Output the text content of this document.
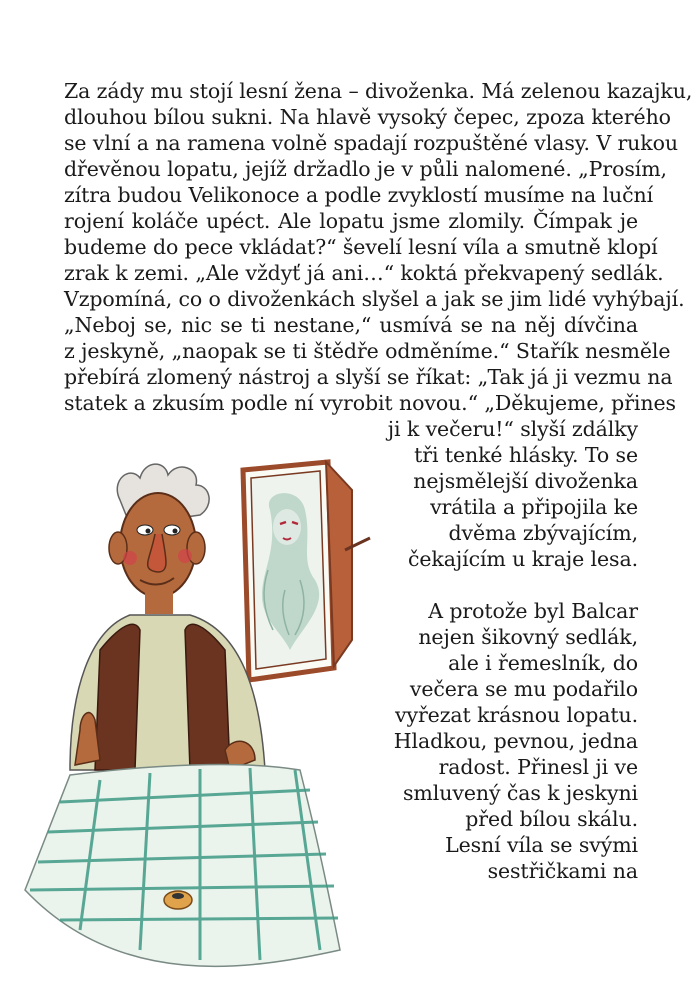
Za zády mu stojí lesní žena – divoženka. Má zelenou kazajku,
dlouhou bílou sukni. Na hlavě vysoký čepec, zpoza kterého
se vlní a na ramena volně spadají rozpuštěné vlasy. V rukou
dřevěnou lopatu, jejíž držadlo je v půli nalomené. „Prosím,
zítra budou Velikonoce a podle zvyklostí musíme na luční
rojení koláče upéct. Ale lopatu jsme zlomily. Čímpak je
budeme do pece vkládat?“ ševelí lesní víla a smutně klopí
zrak k zemi. „Ale vždyť já ani…“ koktá překvapený sedlák.
Vzpomíná, co o divoženkách slyšel a jak se jim lidé vyhýbají.
„Neboj se, nic se ti nestane,“ usmívá se na něj dívčina
z jeskyně, „naopak se ti štědře odměníme.“ Stařík nesměle
přebírá zlomený nástroj a slyší se říkat: „Tak já ji vezmu na
statek a zkusím podle ní vyrobit novou.“ „Děkujeme, přines
ji k večeru!“ slyší zdálky
tři tenké hlásky. To se
nejsmělejší divoženka
vrátila a připojila ke
dvěma zbývajícím,
čekajícím u kraje lesa.
A protože byl Balcar
nejen šikovný sedlák,
ale i řemeslník, do
večera se mu podařilo
vyřezat krásnou lopatu.
Hladkou, pevnou, jedna
radost. Přinesl ji ve
smluvený čas k jeskyni
před bílou skálu.
Lesní víla se svými
sestřičkami na
